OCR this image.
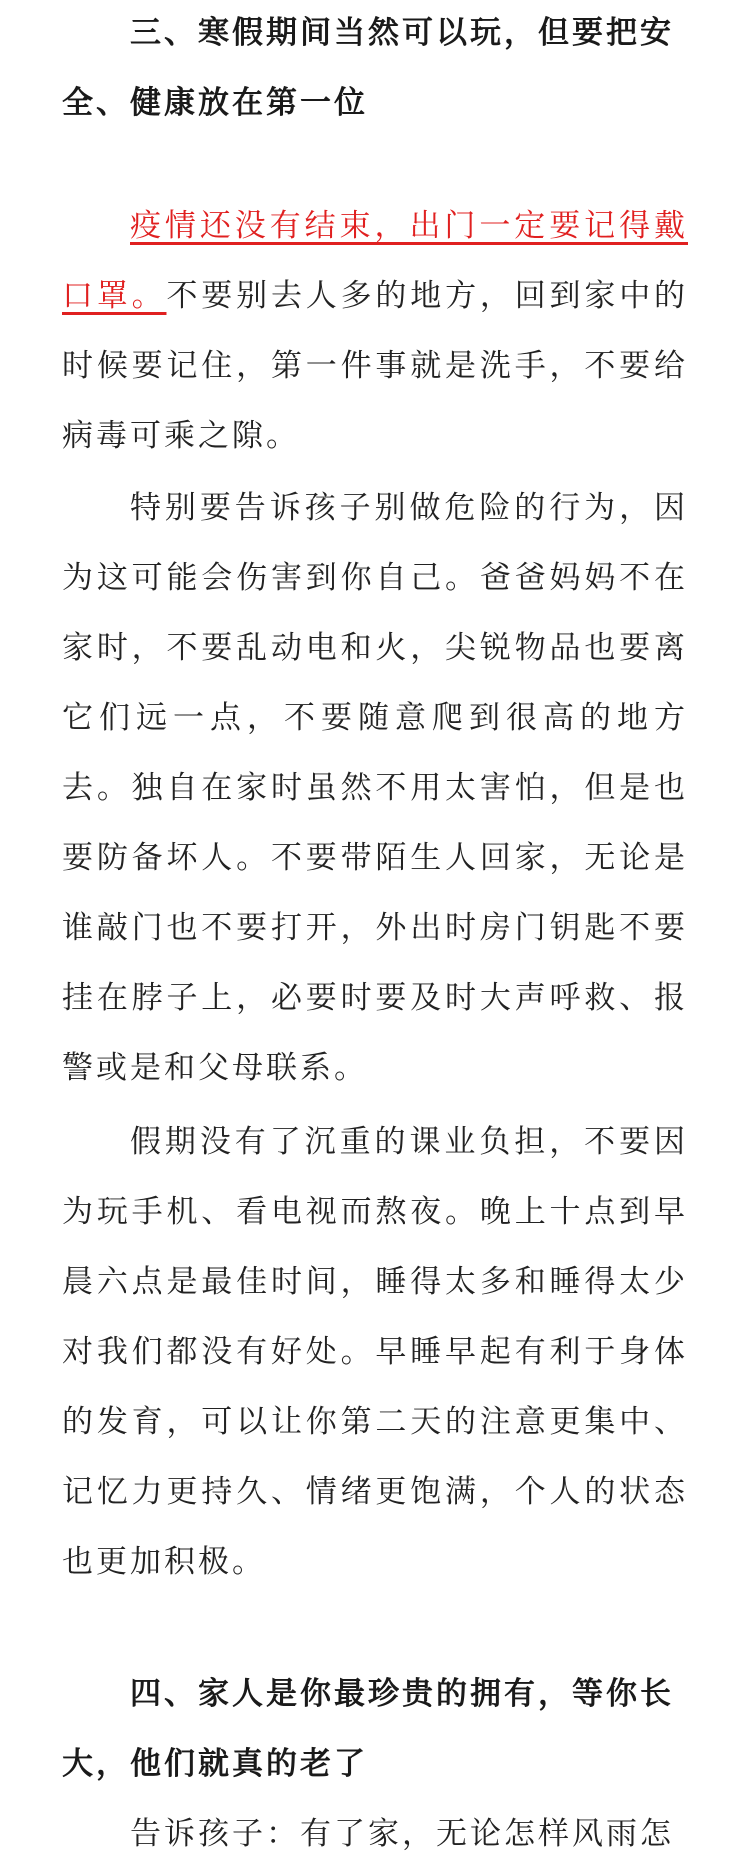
三、寒假期间当然可以玩，但要把安全、健康放在第一位

疫情还没有结束，出门一定要记得戴口罩。不要别去人多的地方，回到家中的时候要记住，第一件事就是洗手，不要给病毒可乘之隙。

特别要告诉孩子别做危险的行为，因为这可能会伤害到你自己。爸爸妈妈不在家时，不要乱动电和火，尖锐物品也要离它们远一点，不要随意爬到很高的地方去。独自在家时虽然不用太害怕，但是也要防备坏人。不要带陌生人回家，无论是谁敲门也不要打开，外出时房门钥匙不要挂在脖子上，必要时要及时大声呼救、报警或是和父母联系。

假期没有了沉重的课业负担，不要因为玩手机、看电视而熬夜。晚上十点到早晨六点是最佳时间，睡得太多和睡得太少对我们都没有好处。早睡早起有利于身体的发育，可以让你第二天的注意更集中、记忆力更持久、情绪更饱满，个人的状态也更加积极。

四、家人是你最珍贵的拥有，等你长大，他们就真的老了

告诉孩子：有了家，无论怎样风雨怎
